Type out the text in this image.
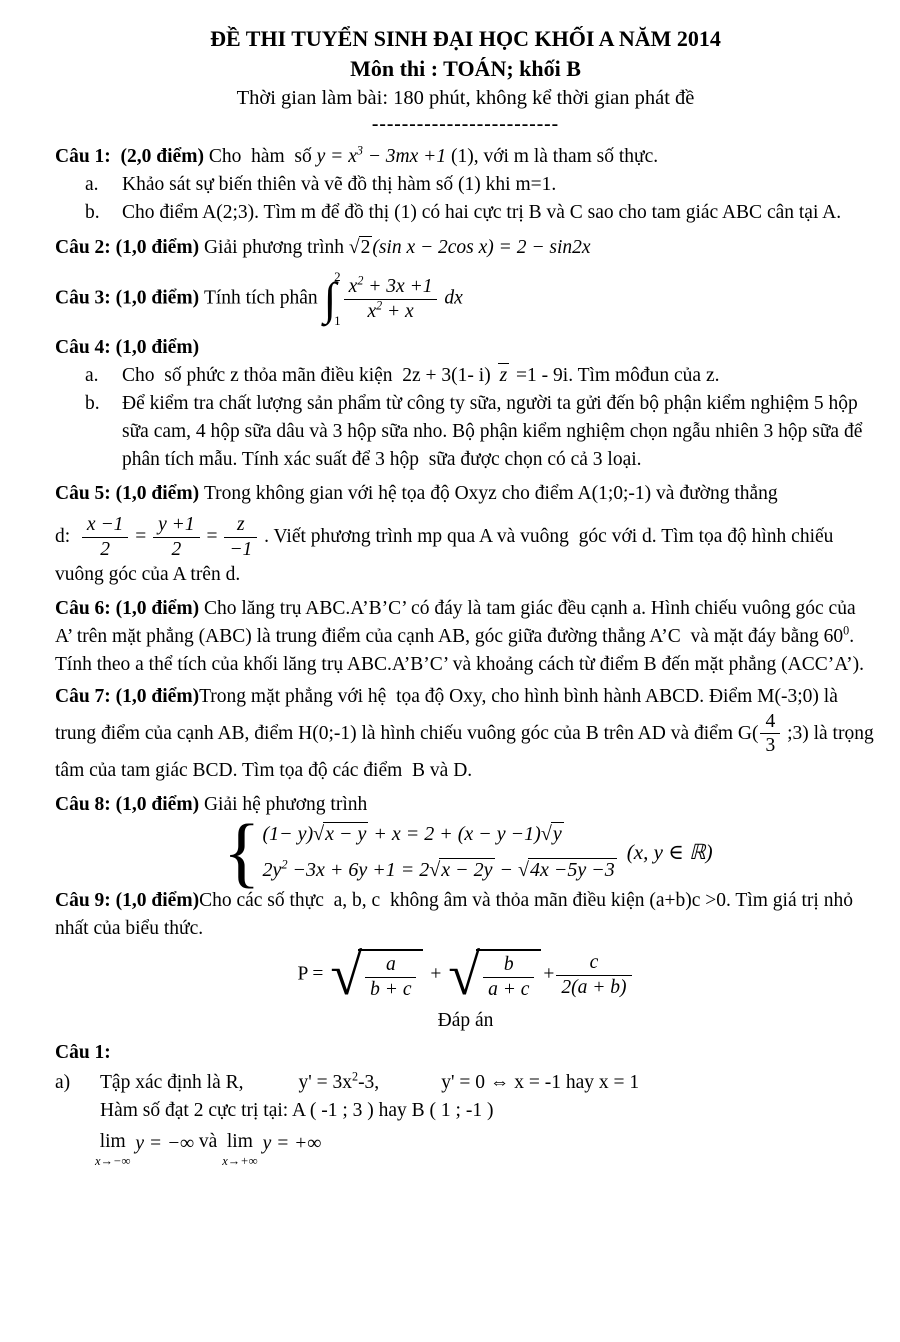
ĐỀ THI TUYỂN SINH ĐẠI HỌC KHỐI A NĂM 2014
Môn thi : TOÁN; khối B
Thời gian làm bài: 180 phút, không kể thời gian phát đề
-------------------------

Câu 1:  (2,0 điểm) Cho  hàm  số $y = x^3 - 3mx +1$ (1), với m là tham số thực.

a.	Khảo sát sự biến thiên và vẽ đồ thị hàm số (1) khi m=1.
b.	Cho điểm A(2;3). Tìm m để đồ thị (1) có hai cực trị B và C sao cho tam giác ABC cân tại A.

Câu 2: (1,0 điểm) Giải phương trình √2 (sin x − 2cos x) = 2 − sin2x

Câu 3: (1,0 điểm) Tính tích phân ∫
2
$1 \frac{x^2 + 3x +1}{x^2 + x}$ dx

Câu 4: (1,0 điểm)

a.	Cho  số phức z thỏa mãn điều kiện  2z + 3(1- i) z =1 - 9i. Tìm môđun của z.
b.	Để kiểm tra chất lượng sản phẩm từ công ty sữa, người ta gửi đến bộ phận kiểm nghiệm 5 hộp sữa cam, 4 hộp sữa dâu và 3 hộp sữa nho. Bộ phận kiểm nghiệm chọn ngẫu nhiên 3 hộp sữa để phân tích mẫu. Tính xác suất để 3 hộp  sữa được chọn có cả 3 loại.

Câu 5: (1,0 điểm) Trong không gian với hệ tọa độ Oxyz cho điểm A(1;0;-1) và đường thẳng

d: $\frac{x -1}{2} = \frac{y +1}{2} = \frac{z}{-1}$ . Viết phương trình mp qua A và vuông  góc với d. Tìm tọa độ hình chiếu vuông góc của A trên d.

Câu 6: (1,0 điểm) Cho lăng trụ ABC.A’B’C’ có đáy là tam giác đều cạnh a. Hình chiếu vuông góc của A’ trên mặt phẳng (ABC) là trung điểm của cạnh AB, góc giữa đường thẳng A’C  và mặt đáy bằng $60^0$. Tính theo a thể tích của khối lăng trụ ABC.A’B’C’ và khoảng cách từ điểm B đến mặt phẳng (ACC’A’).

Câu 7: (1,0 điểm)Trong mặt phẳng với hệ  tọa độ Oxy, cho hình bình hành ABCD. Điểm M(-3;0) là trung điểm của cạnh AB, điểm H(0;-1) là hình chiếu vuông góc của B trên AD và điểm $G( \frac{4}{3}$ ;3) là trọng tâm của tam giác BCD. Tìm tọa độ các điểm  B và D.

Câu 8: (1,0 điểm) Giải hệ phương trình

{ (1− y)√x − y + x = 2 + (x − y −1)√y
$2y^2 -3x + 6y +1 = 2√x - 2y - √4x -5y -3$
(x, y ∈ ℝ)

Câu 9: (1,0 điểm)Cho các số thực  a, b, c  không âm và thỏa mãn điều kiện (a+b)c >0. Tìm giá trị nhỏ nhất của biểu thức.

P = √ $\frac{a}{b + c}$ + √ $\frac{b}{a + c} + \frac{c}{2(a + b)}$
Đáp án

Câu 1:

a)	Tập xác định là R,	$y' = 3x^2-3$,	y' = 0 ⇔ x = -1 hay x = 1

Hàm số đạt 2 cực trị tại: A ( -1 ; 3 ) hay B ( 1 ; -1 )

lim
x→−∞
y = −∞ và lim
x→+∞
y = +∞
